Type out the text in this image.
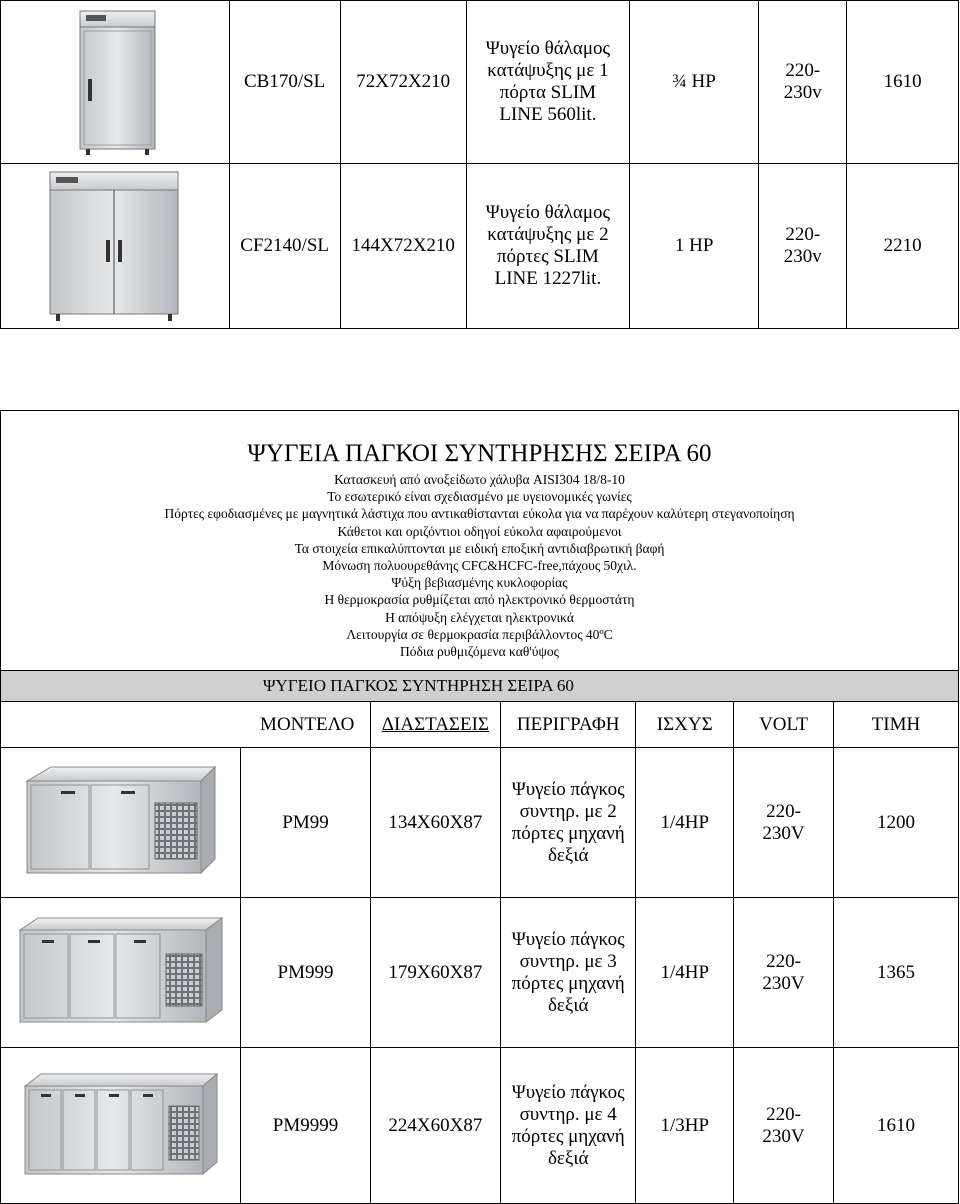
	CB170/SL	72X72X210	Ψυγείο θάλαμος κατάψυξης με 1 πόρτα SLIM LINE 560lit.	¾ HP	220-230v	1610

	CF2140/SL	144X72X210	Ψυγείο θάλαμος κατάψυξης με 2 πόρτες SLIM LINE 1227lit.	1 HP	220-230v	2210
ΨΥΓΕΙΑ ΠΑΓΚΟΙ ΣΥΝΤΗΡΗΣΗΣ ΣΕΙΡΑ 60
Κατασκευή από ανοξείδωτο χάλυβα AISI304 18/8-10
Το εσωτερικό είναι σχεδιασμένο με υγειονομικές γωνίες
Πόρτες εφοδιασμένες με μαγνητικά λάστιχα που αντικαθίστανται εύκολα για να παρέχουν καλύτερη στεγανοποίηση
Κάθετοι και οριζόντιοι οδηγοί εύκολα αφαιρούμενοι
Τα στοιχεία επικαλύπτονται με ειδική εποξική αντιδιαβρωτική βαφή
Μόνωση πολυουρεθάνης CFC&HCFC-free,πάχους 50χιλ.
Ψύξη βεβιασμένης κυκλοφορίας
Η θερμοκρασία ρυθμίζεται από ηλεκτρονικό θερμοστάτη
Η απόψυξη ελέγχεται ηλεκτρονικά
Λειτουργία σε θερμοκρασία περιβάλλοντος 40ºC
Πόδια ρυθμιζόμενα καθ'ύψος
ΨΥΓΕΙΟ ΠΑΓΚΟΣ ΣΥΝΤΗΡΗΣΗ ΣΕΙΡΑ 60
ΜΟΝΤΕΛΟ		ΔΙΑΣΤΑΣΕΙΣ	ΠΕΡΙΓΡΑΦΗ	ΙΣΧΥΣ	VOLT	ΤΙΜΗ

	PM99	134X60X87	Ψυγείο πάγκος συντηρ. με 2 πόρτες μηχανή δεξιά	1/4HP	220-230V	1200

	PM999	179X60X87	Ψυγείο πάγκος συντηρ. με 3 πόρτες μηχανή δεξιά	1/4HP	220-230V	1365

	PM9999	224X60X87	Ψυγείο πάγκος συντηρ. με 4 πόρτες μηχανή δεξιά	1/3HP	220-230V	1610
